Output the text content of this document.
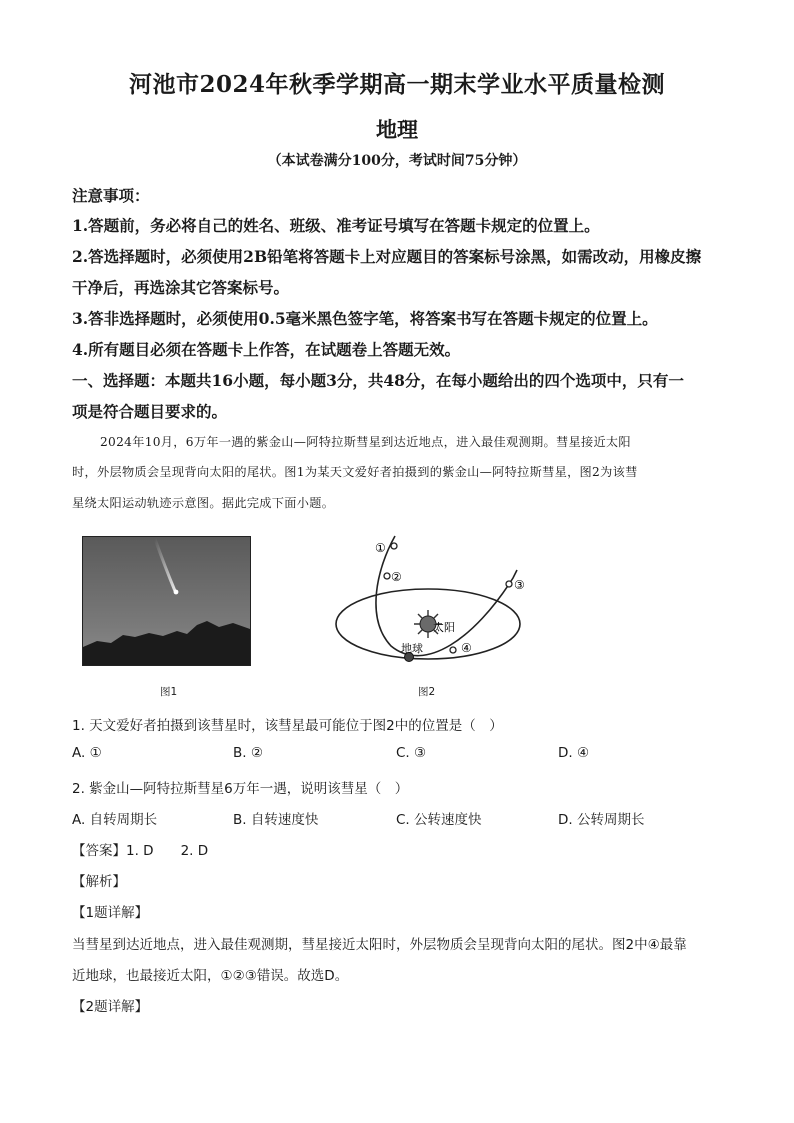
河池市2024年秋季学期高一期末学业水平质量检测
地理
（本试卷满分100分，考试时间75分钟）
注意事项：
1.答题前，务必将自己的姓名、班级、准考证号填写在答题卡规定的位置上。
2.答选择题时，必须使用2B铅笔将答题卡上对应题目的答案标号涂黑，如需改动，用橡皮擦
干净后，再选涂其它答案标号。
3.答非选择题时，必须使用0.5毫米黑色签字笔，将答案书写在答题卡规定的位置上。
4.所有题目必须在答题卡上作答，在试题卷上答题无效。
一、选择题：本题共16小题，每小题3分，共48分，在每小题给出的四个选项中，只有一
项是符合题目要求的。
2024年10月，6万年一遇的紫金山—阿特拉斯彗星到达近地点，进入最佳观测期。彗星接近太阳
时，外层物质会呈现背向太阳的尾状。图1为某天文爱好者拍摄到的紫金山—阿特拉斯彗星，图2为该彗
星绕太阳运动轨迹示意图。据此完成下面小题。
图1
①
②
③
④
太阳
地球
图2
1. 天文爱好者拍摄到该彗星时，该彗星最可能位于图2中的位置是（　）
A. ①	B. ②	C. ③	D. ④
2. 紫金山—阿特拉斯彗星6万年一遇，说明该彗星（　）
A. 自转周期长	B. 自转速度快	C. 公转速度快	D. 公转周期长
【答案】1. D　　2. D
【解析】
【1题详解】
当彗星到达近地点，进入最佳观测期，彗星接近太阳时，外层物质会呈现背向太阳的尾状。图2中④最靠
近地球，也最接近太阳，①②③错误。故选D。
【2题详解】
